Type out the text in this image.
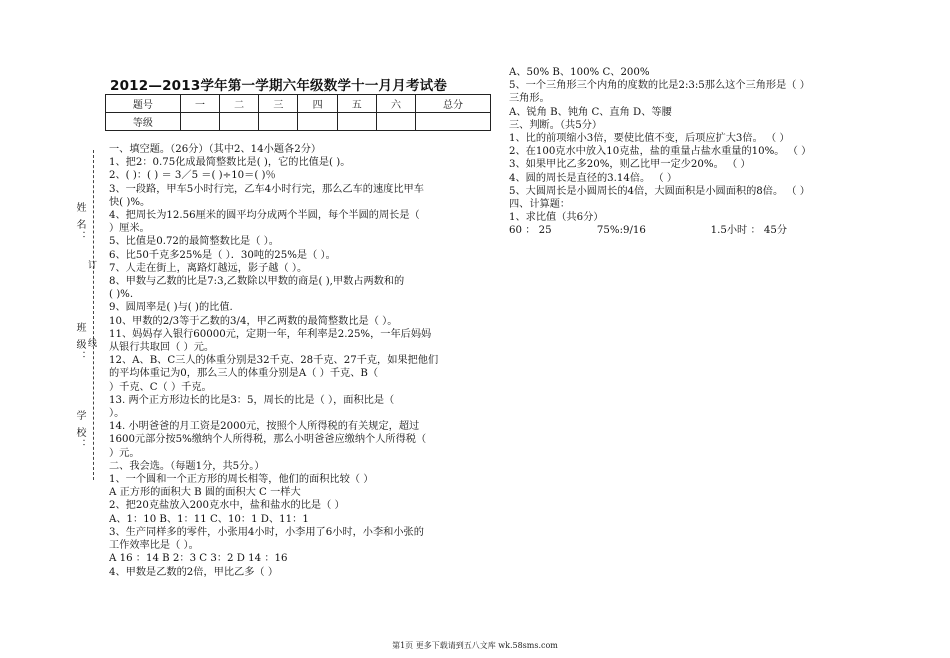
姓 名：
班 级：
学 校：
订
线
2012—2013学年第一学期六年级数学十一月月考试卷
题号	一	二	三	四	五	六	总分
等级							
一、填空题。（26分）（其中2、14小题各2分）
1、把2：0.75化成最简整数比是( )，它的比值是( )。
2、( )：( ) ＝ 3／5 ＝( )÷10＝( )％
3、一段路，甲车5小时行完，乙车4小时行完，那么乙车的速度比甲车
快( )%。
4、把周长为12.56厘米的圆平均分成两个半圆，每个半圆的周长是（
）厘米。
5、比值是0.72的最简整数比是（ ）。
6、比50千克多25%是（ ）．30吨的25%是（ ）。
7、人走在街上，离路灯越远，影子越（ ）。
8、甲数与乙数的比是7:3,乙数除以甲数的商是( ),甲数占两数和的
( )%.
9、圆周率是( )与( )的比值.
10、甲数的2/3等于乙数的3/4，甲乙两数的最简整数比是（ ）。
11、妈妈存入银行60000元，定期一年，年利率是2.25%，一年后妈妈
从银行共取回（ ）元。
12、A、B、C三人的体重分别是32千克、28千克、27千克，如果把他们
的平均体重记为0，那么三人的体重分别是A（ ）千克、B（
）千克、C（ ）千克。
13. 两个正方形边长的比是3：5，周长的比是（ ），面积比是（
）。
14. 小明爸爸的月工资是2000元，按照个人所得税的有关规定，超过
1600元部分按5%缴纳个人所得税，那么小明爸爸应缴纳个人所得税（
）元。
二、我会选。（每题1分，共5分。）
1、一个圆和一个正方形的周长相等，他们的面积比较（ ）
A 正方形的面积大 B 圆的面积大 C 一样大
2、把20克盐放入200克水中，盐和盐水的比是（ ）
A、1：10 B、1：11 C、10：1 D、11：1
3、生产同样多的零件，小张用4小时，小李用了6小时，小李和小张的
工作效率比是（ ）。
A 16 ：14 B 2：3 C 3：2 D 14 ：16
4、甲数是乙数的2倍，甲比乙多（ ）
A、50% B、100% C、200%
5、一个三角形三个内角的度数的比是2:3:5那么这个三角形是（ ）
三角形。
A、锐角 B、钝角 C、直角 D、等腰
三、判断。（共5分）
1、比的前项缩小3倍，要使比值不变，后项应扩大3倍。 （ ）
2、在100克水中放入10克盐，盐的重量占盐水重量的10%。 （ ）
3、如果甲比乙多20%，则乙比甲一定少20%。 （ ）
4、圆的周长是直径的3.14倍。 （ ）
5、大圆周长是小圆周长的4倍，大圆面积是小圆面积的8倍。 （ ）
四、计算题：
1、求比值（共6分）
60 ： 25              75%:9/16                    1.5小时 ： 45分
第1页 更多下载请到五八文库 wk.58sms.com
